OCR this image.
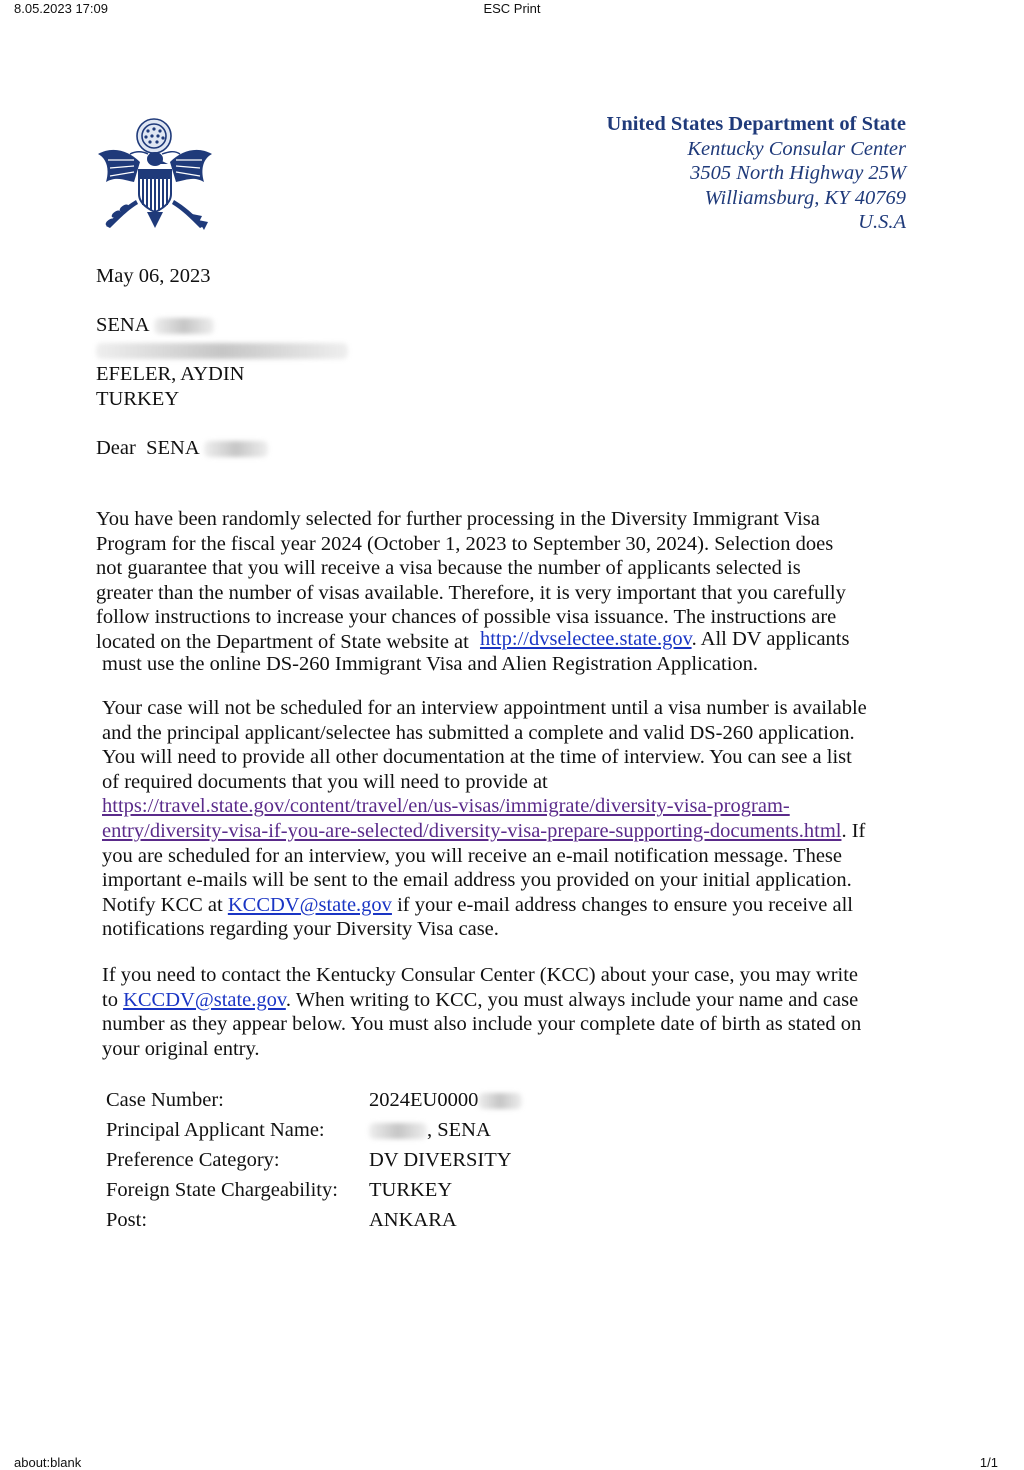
8.05.2023 17:09	ESC Print
United States Department of State
Kentucky Consular Center
3505 North Highway 25W
Williamsburg, KY 40769
U.S.A
May 06, 2023
SENA
EFELER, AYDIN
TURKEY
Dear SENA
You have been randomly selected for further processing in the Diversity Immigrant Visa
Program for the fiscal year 2024 (October 1, 2023 to September 30, 2024). Selection does
not guarantee that you will receive a visa because the number of applicants selected is
greater than the number of visas available. Therefore, it is very important that you carefully
follow instructions to increase your chances of possible visa issuance. The instructions are
located on the Department of State website at http://dvselectee.state.gov. All DV applicants
must use the online DS-260 Immigrant Visa and Alien Registration Application.
Your case will not be scheduled for an interview appointment until a visa number is available
and the principal applicant/selectee has submitted a complete and valid DS-260 application.
You will need to provide all other documentation at the time of interview. You can see a list
of required documents that you will need to provide at
https://travel.state.gov/content/travel/en/us-visas/immigrate/diversity-visa-program-
entry/diversity-visa-if-you-are-selected/diversity-visa-prepare-supporting-documents.html. If
you are scheduled for an interview, you will receive an e-mail notification message. These
important e-mails will be sent to the email address you provided on your initial application.
Notify KCC at KCCDV@state.gov if your e-mail address changes to ensure you receive all
notifications regarding your Diversity Visa case.
If you need to contact the Kentucky Consular Center (KCC) about your case, you may write
to KCCDV@state.gov. When writing to KCC, you must always include your name and case
number as they appear below. You must also include your complete date of birth as stated on
your original entry.
Case Number:	2024EU0000
Principal Applicant Name:	, SENA
Preference Category:	DV DIVERSITY
Foreign State Chargeability:	TURKEY
Post:	ANKARA
about:blank	1/1
